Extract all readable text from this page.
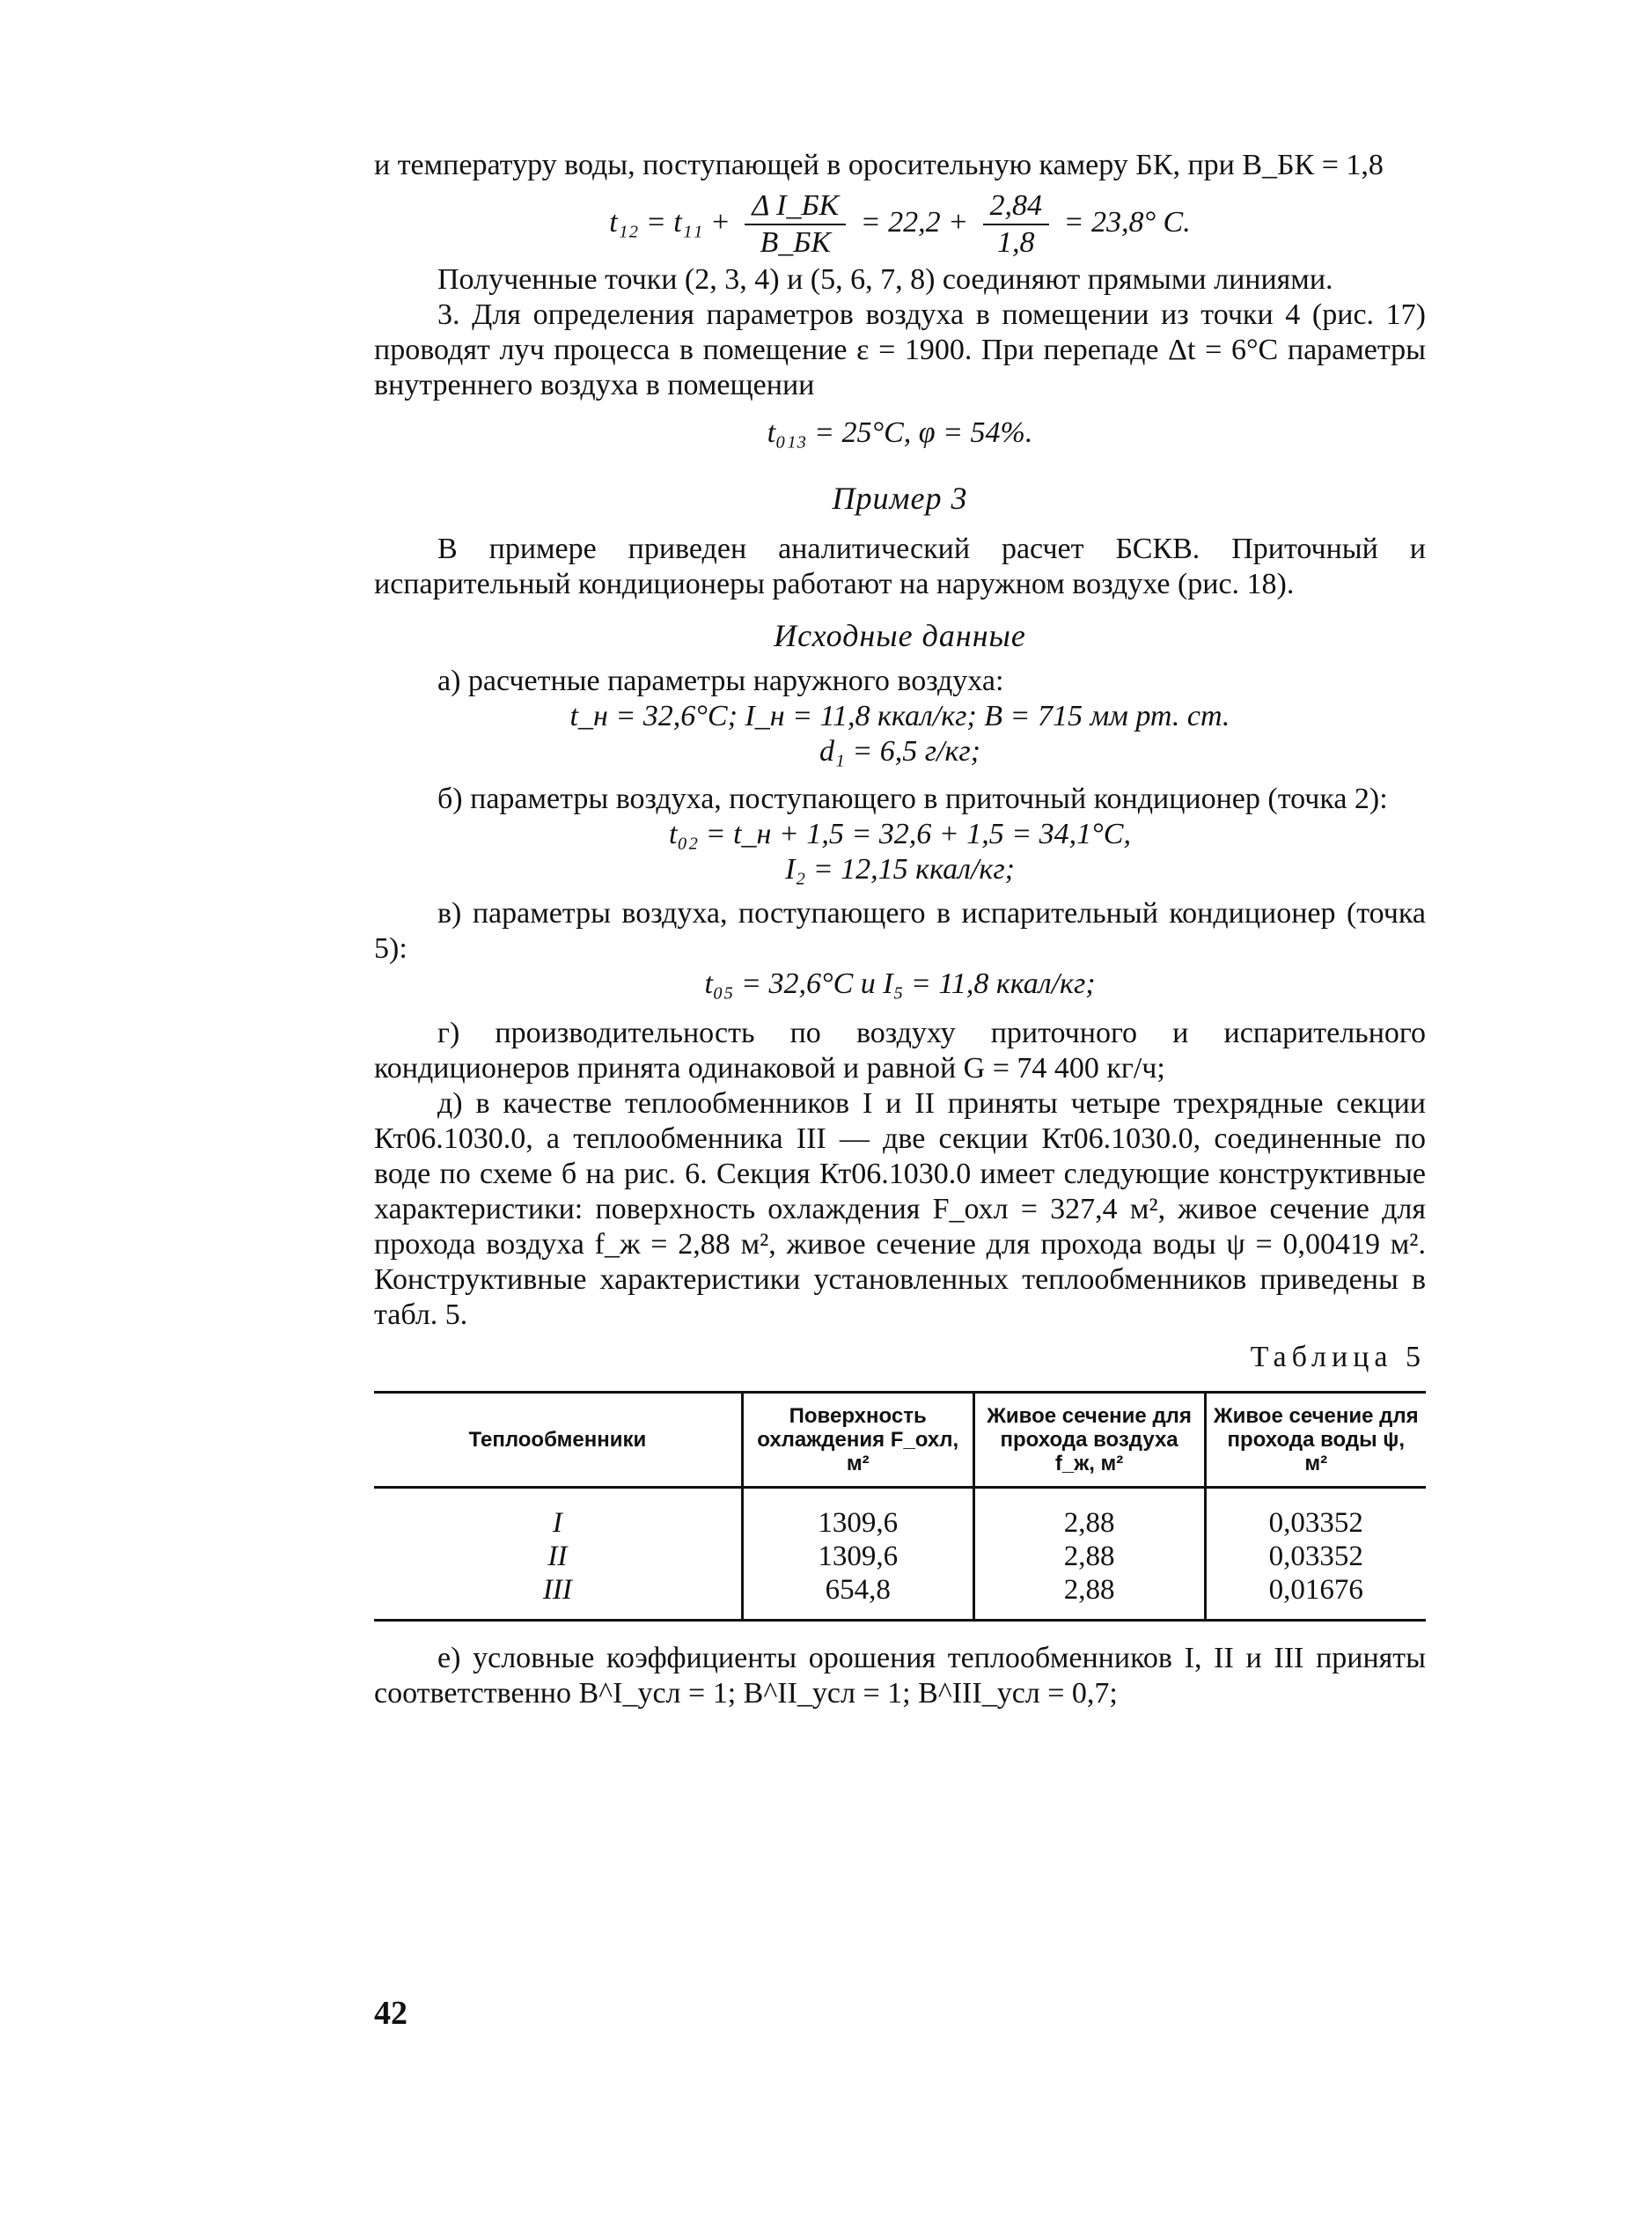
и температуру воды, поступающей в оросительную камеру БК, при B_БК = 1,8

$t_{12} = t_{11} + \frac{\text{Δ I\_БК}}{B\_БК} = 22,2 + \frac{2,84}{1,8} = 23,8^\circ$ C.

Полученные точки (2, 3, 4) и (5, 6, 7, 8) соединяют прямыми линиями.

3. Для определения параметров воздуха в помещении из точки 4 (рис. 17) проводят луч процесса в помещение ε = 1900. При перепаде Δt = 6°C параметры внутреннего воздуха в помещении

t₀₁₃ = 25°C, φ = 54%.

Пример 3

В примере приведен аналитический расчет БСКВ. Приточный и испарительный кондиционеры работают на наружном воздухе (рис. 18).

Исходные данные

а) расчетные параметры наружного воздуха:

t_н = 32,6°C; I_н = 11,8 ккал/кг; B = 715 мм рт. ст.

d₁ = 6,5 г/кг;

б) параметры воздуха, поступающего в приточный кондиционер (точка 2):

t₀₂ = t_н + 1,5 = 32,6 + 1,5 = 34,1°C,

I₂ = 12,15 ккал/кг;

в) параметры воздуха, поступающего в испарительный кондиционер (точка 5):

t₀₅ = 32,6°C и I₅ = 11,8 ккал/кг;

г) производительность по воздуху приточного и испарительного кондиционеров принята одинаковой и равной G = 74 400 кг/ч;

д) в качестве теплообменников I и II приняты четыре трехрядные секции Кт06.1030.0, а теплообменника III — две секции Кт06.1030.0, соединенные по воде по схеме б на рис. 6. Секция Кт06.1030.0 имеет следующие конструктивные характеристики: поверхность охлаждения F_охл = 327,4 м², живое сечение для прохода воздуха f_ж = 2,88 м², живое сечение для прохода воды ψ = 0,00419 м². Конструктивные характеристики установленных теплообменников приведены в табл. 5.

Таблица 5

Теплообменники	Поверхность охлаждения F_охл, м²	Живое сечение для прохода воздуха f_ж, м²	Живое сечение для прохода воды ψ, м²
I	1309,6	2,88	0,03352
II	1309,6	2,88	0,03352
III	654,8	2,88	0,01676

е) условные коэффициенты орошения теплообменников I, II и III приняты соответственно B^I_усл = 1; B^II_усл = 1; B^III_усл = 0,7;

42
